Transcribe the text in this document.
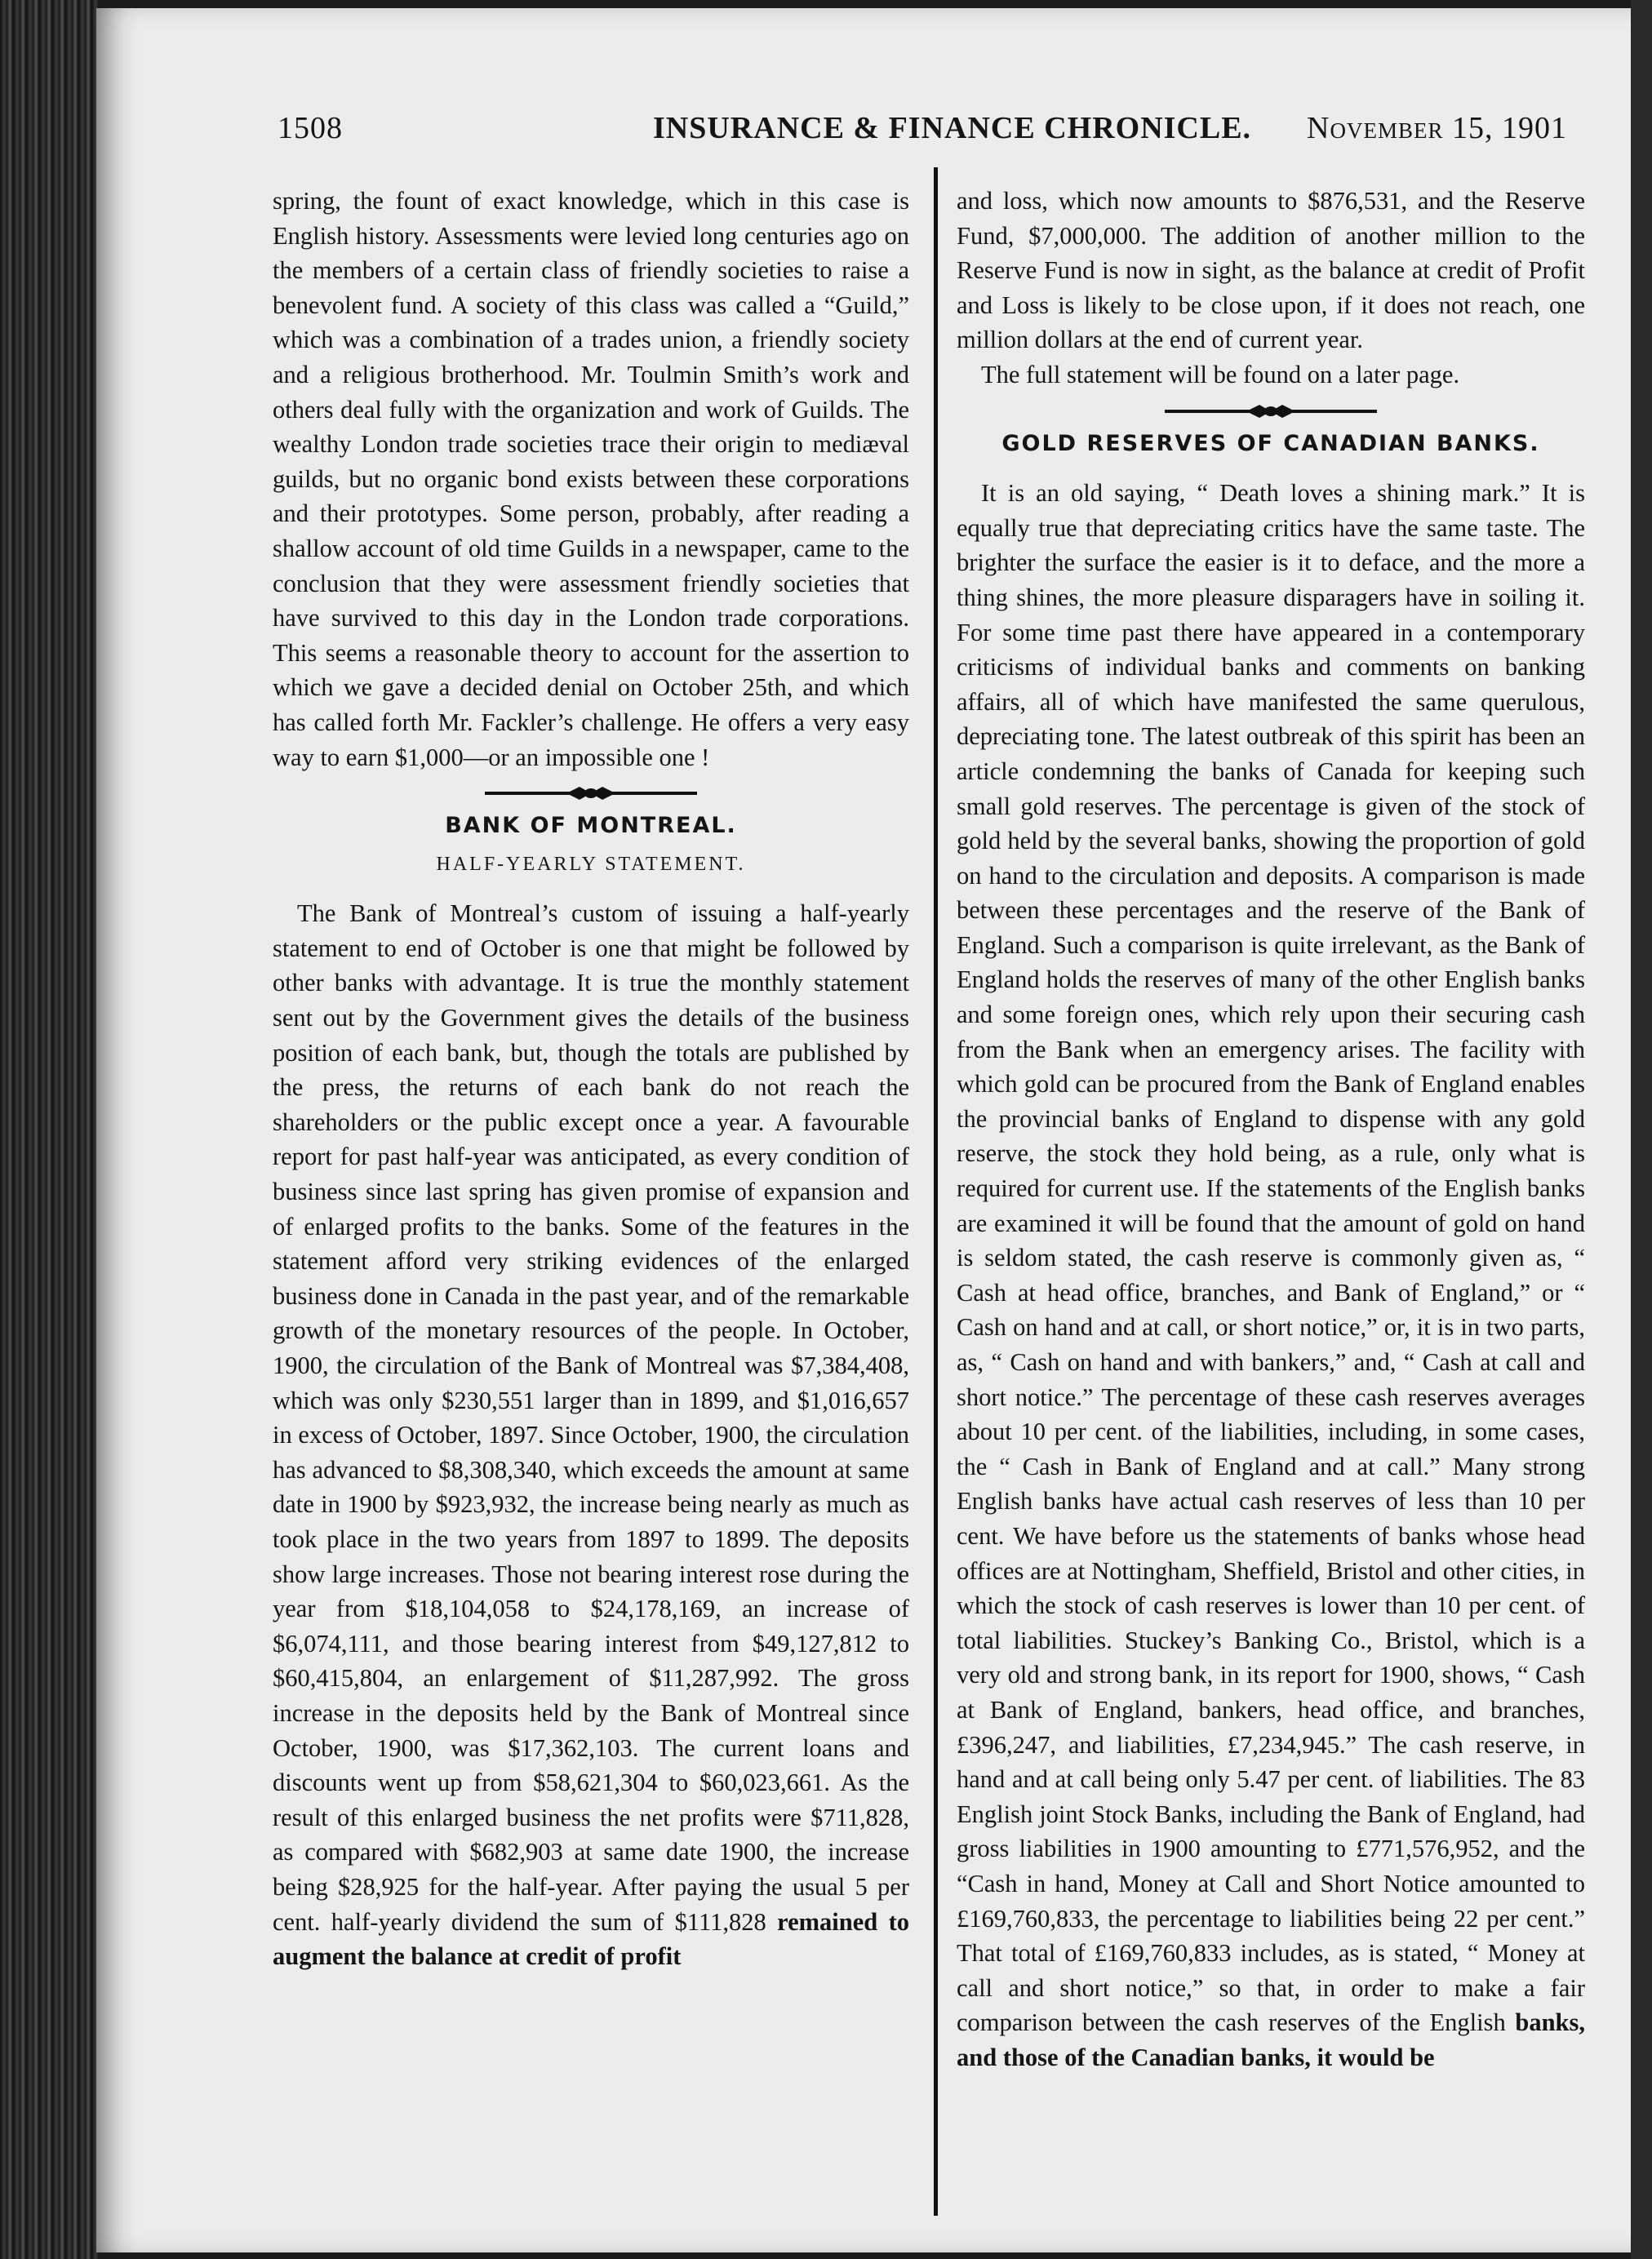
1508	INSURANCE & FINANCE CHRONICLE. November 15, 1901

spring, the fount of exact knowledge, which in this case is English history. Assessments were levied long centuries ago on the members of a certain class of friendly societies to raise a benevolent fund. A society of this class was called a “Guild,” which was a combination of a trades union, a friendly society and a religious brotherhood. Mr. Toulmin Smith’s work and others deal fully with the organization and work of Guilds. The wealthy London trade societies trace their origin to mediæval guilds, but no organic bond exists between these corporations and their prototypes. Some person, probably, after reading a shallow account of old time Guilds in a newspaper, came to the conclusion that they were assessment friendly societies that have survived to this day in the London trade corporations. This seems a reasonable theory to account for the assertion to which we gave a decided denial on October 25th, and which has called forth Mr. Fackler’s challenge. He offers a very easy way to earn $1,000—or an impossible one !

BANK OF MONTREAL.
HALF-YEARLY STATEMENT.

The Bank of Montreal’s custom of issuing a half-yearly statement to end of October is one that might be followed by other banks with advantage. It is true the monthly statement sent out by the Government gives the details of the business position of each bank, but, though the totals are published by the press, the returns of each bank do not reach the shareholders or the public except once a year. A favourable report for past half-year was anticipated, as every condition of business since last spring has given promise of expansion and of enlarged profits to the banks. Some of the features in the statement afford very striking evidences of the enlarged business done in Canada in the past year, and of the remarkable growth of the monetary resources of the people. In October, 1900, the circulation of the Bank of Montreal was $7,384,408, which was only $230,551 larger than in 1899, and $1,016,657 in excess of October, 1897. Since October, 1900, the circulation has advanced to $8,308,340, which exceeds the amount at same date in 1900 by $923,932, the increase being nearly as much as took place in the two years from 1897 to 1899. The deposits show large increases. Those not bearing interest rose during the year from $18,104,058 to $24,178,169, an increase of $6,074,111, and those bearing interest from $49,127,812 to $60,415,804, an enlargement of $11,287,992. The gross increase in the deposits held by the Bank of Montreal since October, 1900, was $17,362,103. The current loans and discounts went up from $58,621,304 to $60,023,661. As the result of this enlarged business the net profits were $711,828, as compared with $682,903 at same date 1900, the increase being $28,925 for the half-year. After paying the usual 5 per cent. half-yearly dividend the sum of $111,828 remained to augment the balance at credit of profit

and loss, which now amounts to $876,531, and the Reserve Fund, $7,000,000. The addition of another million to the Reserve Fund is now in sight, as the balance at credit of Profit and Loss is likely to be close upon, if it does not reach, one million dollars at the end of current year.

The full statement will be found on a later page.

GOLD RESERVES OF CANADIAN BANKS.

It is an old saying, “ Death loves a shining mark.” It is equally true that depreciating critics have the same taste. The brighter the surface the easier is it to deface, and the more a thing shines, the more pleasure disparagers have in soiling it. For some time past there have appeared in a contemporary criticisms of individual banks and comments on banking affairs, all of which have manifested the same querulous, depreciating tone. The latest outbreak of this spirit has been an article condemning the banks of Canada for keeping such small gold reserves. The percentage is given of the stock of gold held by the several banks, showing the proportion of gold on hand to the circulation and deposits. A comparison is made between these percentages and the reserve of the Bank of England. Such a comparison is quite irrelevant, as the Bank of England holds the reserves of many of the other English banks and some foreign ones, which rely upon their securing cash from the Bank when an emergency arises. The facility with which gold can be procured from the Bank of England enables the provincial banks of England to dispense with any gold reserve, the stock they hold being, as a rule, only what is required for current use. If the statements of the English banks are examined it will be found that the amount of gold on hand is seldom stated, the cash reserve is commonly given as, “ Cash at head office, branches, and Bank of England,” or “ Cash on hand and at call, or short notice,” or, it is in two parts, as, “ Cash on hand and with bankers,” and, “ Cash at call and short notice.” The percentage of these cash reserves averages about 10 per cent. of the liabilities, including, in some cases, the “ Cash in Bank of England and at call.” Many strong English banks have actual cash reserves of less than 10 per cent. We have before us the statements of banks whose head offices are at Nottingham, Sheffield, Bristol and other cities, in which the stock of cash reserves is lower than 10 per cent. of total liabilities. Stuckey’s Banking Co., Bristol, which is a very old and strong bank, in its report for 1900, shows, “ Cash at Bank of England, bankers, head office, and branches, £396,247, and liabilities, £7,234,945.” The cash reserve, in hand and at call being only 5.47 per cent. of liabilities. The 83 English joint Stock Banks, including the Bank of England, had gross liabilities in 1900 amounting to £771,576,952, and the “Cash in hand, Money at Call and Short Notice amounted to £169,760,833, the percentage to liabilities being 22 per cent.” That total of £169,760,833 includes, as is stated, “ Money at call and short notice,” so that, in order to make a fair comparison between the cash reserves of the English banks, and those of the Canadian banks, it would be
